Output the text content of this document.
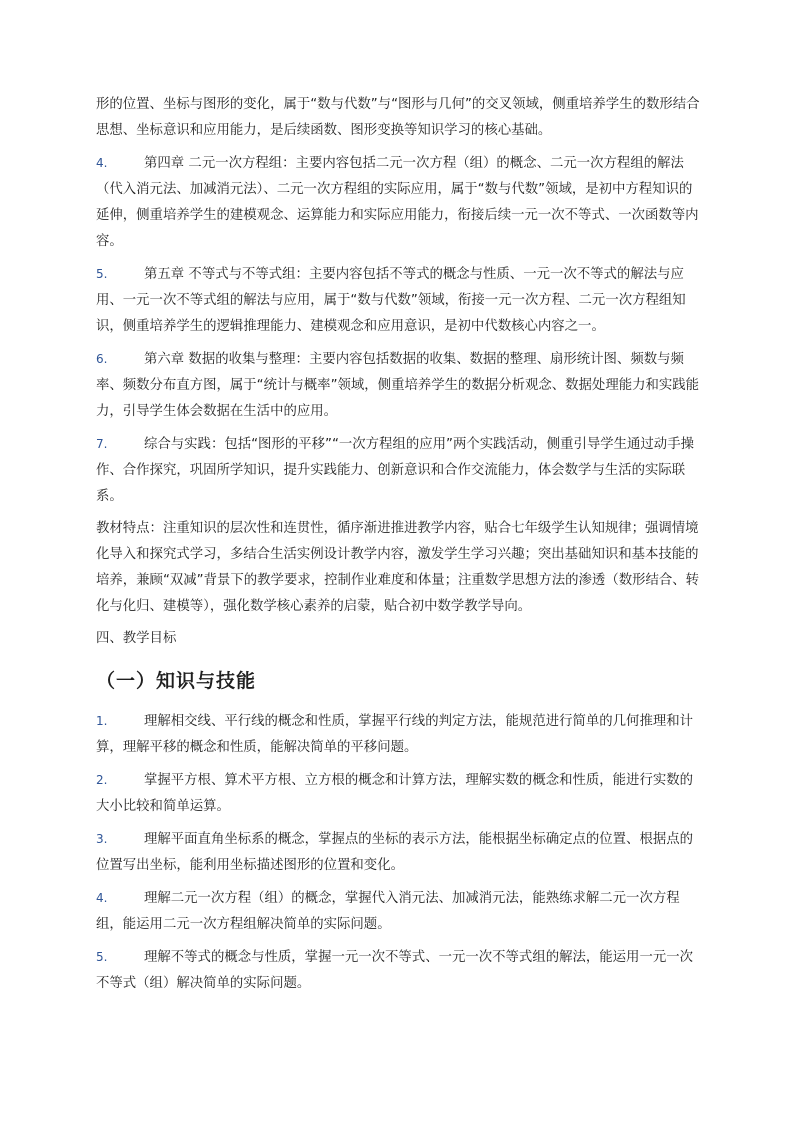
形的位置、坐标与图形的变化，属于“数与代数”与“图形与几何”的交叉领域，侧重培养学生的数形结合思想、坐标意识和应用能力，是后续函数、图形变换等知识学习的核心基础。

4.	第四章 二元一次方程组：主要内容包括二元一次方程（组）的概念、二元一次方程组的解法（代入消元法、加减消元法）、二元一次方程组的实际应用，属于“数与代数”领域，是初中方程知识的延伸，侧重培养学生的建模观念、运算能力和实际应用能力，衔接后续一元一次不等式、一次函数等内容。

5.	第五章 不等式与不等式组：主要内容包括不等式的概念与性质、一元一次不等式的解法与应用、一元一次不等式组的解法与应用，属于“数与代数”领域，衔接一元一次方程、二元一次方程组知识，侧重培养学生的逻辑推理能力、建模观念和应用意识，是初中代数核心内容之一。

6.	第六章 数据的收集与整理：主要内容包括数据的收集、数据的整理、扇形统计图、频数与频率、频数分布直方图，属于“统计与概率”领域，侧重培养学生的数据分析观念、数据处理能力和实践能力，引导学生体会数据在生活中的应用。

7.	综合与实践：包括“图形的平移”“一次方程组的应用”两个实践活动，侧重引导学生通过动手操作、合作探究，巩固所学知识，提升实践能力、创新意识和合作交流能力，体会数学与生活的实际联系。

教材特点：注重知识的层次性和连贯性，循序渐进推进教学内容，贴合七年级学生认知规律；强调情境化导入和探究式学习，多结合生活实例设计教学内容，激发学生学习兴趣；突出基础知识和基本技能的培养，兼顾“双减”背景下的教学要求，控制作业难度和体量；注重数学思想方法的渗透（数形结合、转化与化归、建模等），强化数学核心素养的启蒙，贴合初中数学教学导向。

四、教学目标

（一）知识与技能

1.	理解相交线、平行线的概念和性质，掌握平行线的判定方法，能规范进行简单的几何推理和计算，理解平移的概念和性质，能解决简单的平移问题。

2.	掌握平方根、算术平方根、立方根的概念和计算方法，理解实数的概念和性质，能进行实数的大小比较和简单运算。

3.	理解平面直角坐标系的概念，掌握点的坐标的表示方法，能根据坐标确定点的位置、根据点的位置写出坐标，能利用坐标描述图形的位置和变化。

4.	理解二元一次方程（组）的概念，掌握代入消元法、加减消元法，能熟练求解二元一次方程组，能运用二元一次方程组解决简单的实际问题。

5.	理解不等式的概念与性质，掌握一元一次不等式、一元一次不等式组的解法，能运用一元一次不等式（组）解决简单的实际问题。
